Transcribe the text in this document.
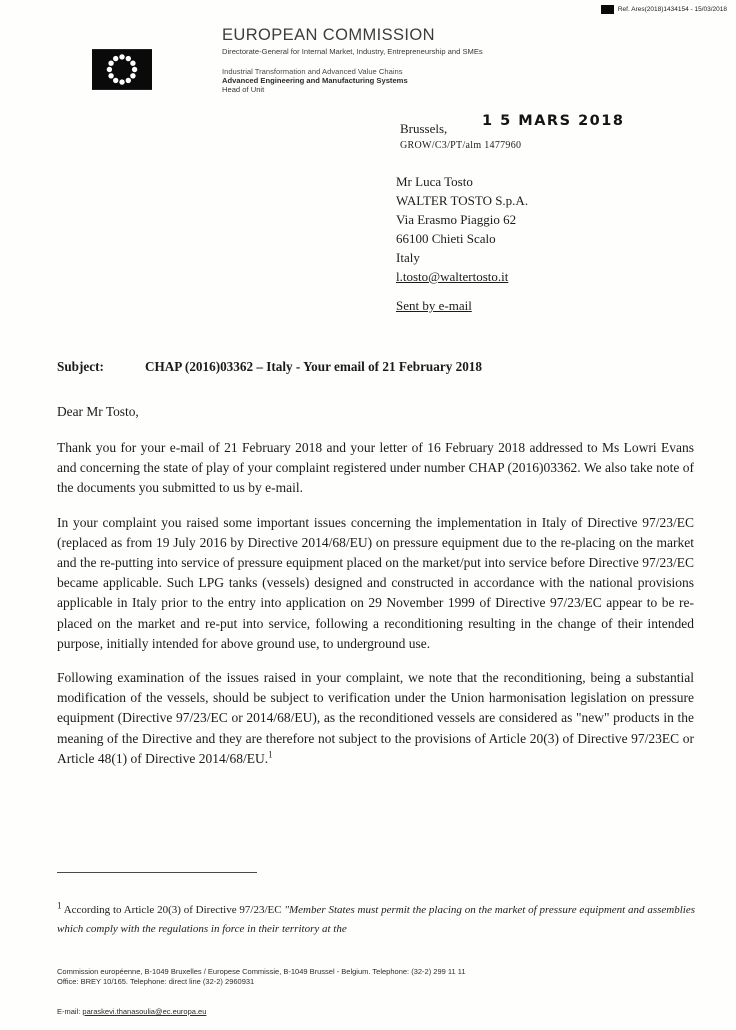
Ref. Ares(2018)1434154 - 15/03/2018
EUROPEAN COMMISSION
Directorate-General for Internal Market, Industry, Entrepreneurship and SMEs
Industrial Transformation and Advanced Value Chains
Advanced Engineering and Manufacturing Systems
Head of Unit
Brussels, 1 5 MARS 2018
GROW/C3/PT/alm 1477960
Mr Luca Tosto
WALTER TOSTO S.p.A.
Via Erasmo Piaggio 62
66100 Chieti Scalo
Italy
l.tosto@waltertosto.it
Sent by e-mail
Subject:	CHAP (2016)03362 – Italy - Your email of 21 February 2018
Dear Mr Tosto,

Thank you for your e-mail of 21 February 2018 and your letter of 16 February 2018 addressed to Ms Lowri Evans and concerning the state of play of your complaint registered under number CHAP (2016)03362. We also take note of the documents you submitted to us by e-mail.

In your complaint you raised some important issues concerning the implementation in Italy of Directive 97/23/EC (replaced as from 19 July 2016 by Directive 2014/68/EU) on pressure equipment due to the re-placing on the market and the re-putting into service of pressure equipment placed on the market/put into service before Directive 97/23/EC became applicable. Such LPG tanks (vessels) designed and constructed in accordance with the national provisions applicable in Italy prior to the entry into application on 29 November 1999 of Directive 97/23/EC appear to be re-placed on the market and re-put into service, following a reconditioning resulting in the change of their intended purpose, initially intended for above ground use, to underground use.

Following examination of the issues raised in your complaint, we note that the reconditioning, being a substantial modification of the vessels, should be subject to verification under the Union harmonisation legislation on pressure equipment (Directive 97/23/EC or 2014/68/EU), as the reconditioned vessels are considered as "new" products in the meaning of the Directive and they are therefore not subject to the provisions of Article 20(3) of Directive 97/23EC or Article 48(1) of Directive 2014/68/EU.$^1$

$^1$ According to Article 20(3) of Directive 97/23/EC "Member States must permit the placing on the market of pressure equipment and assemblies which comply with the regulations in force in their territory at the
Commission européenne, B-1049 Bruxelles / Europese Commissie, B-1049 Brussel - Belgium. Telephone: (32-2) 299 11 11
Office: BREY 10/165. Telephone: direct line (32-2) 2960931
E-mail: paraskevi.thanasoulia@ec.europa.eu
